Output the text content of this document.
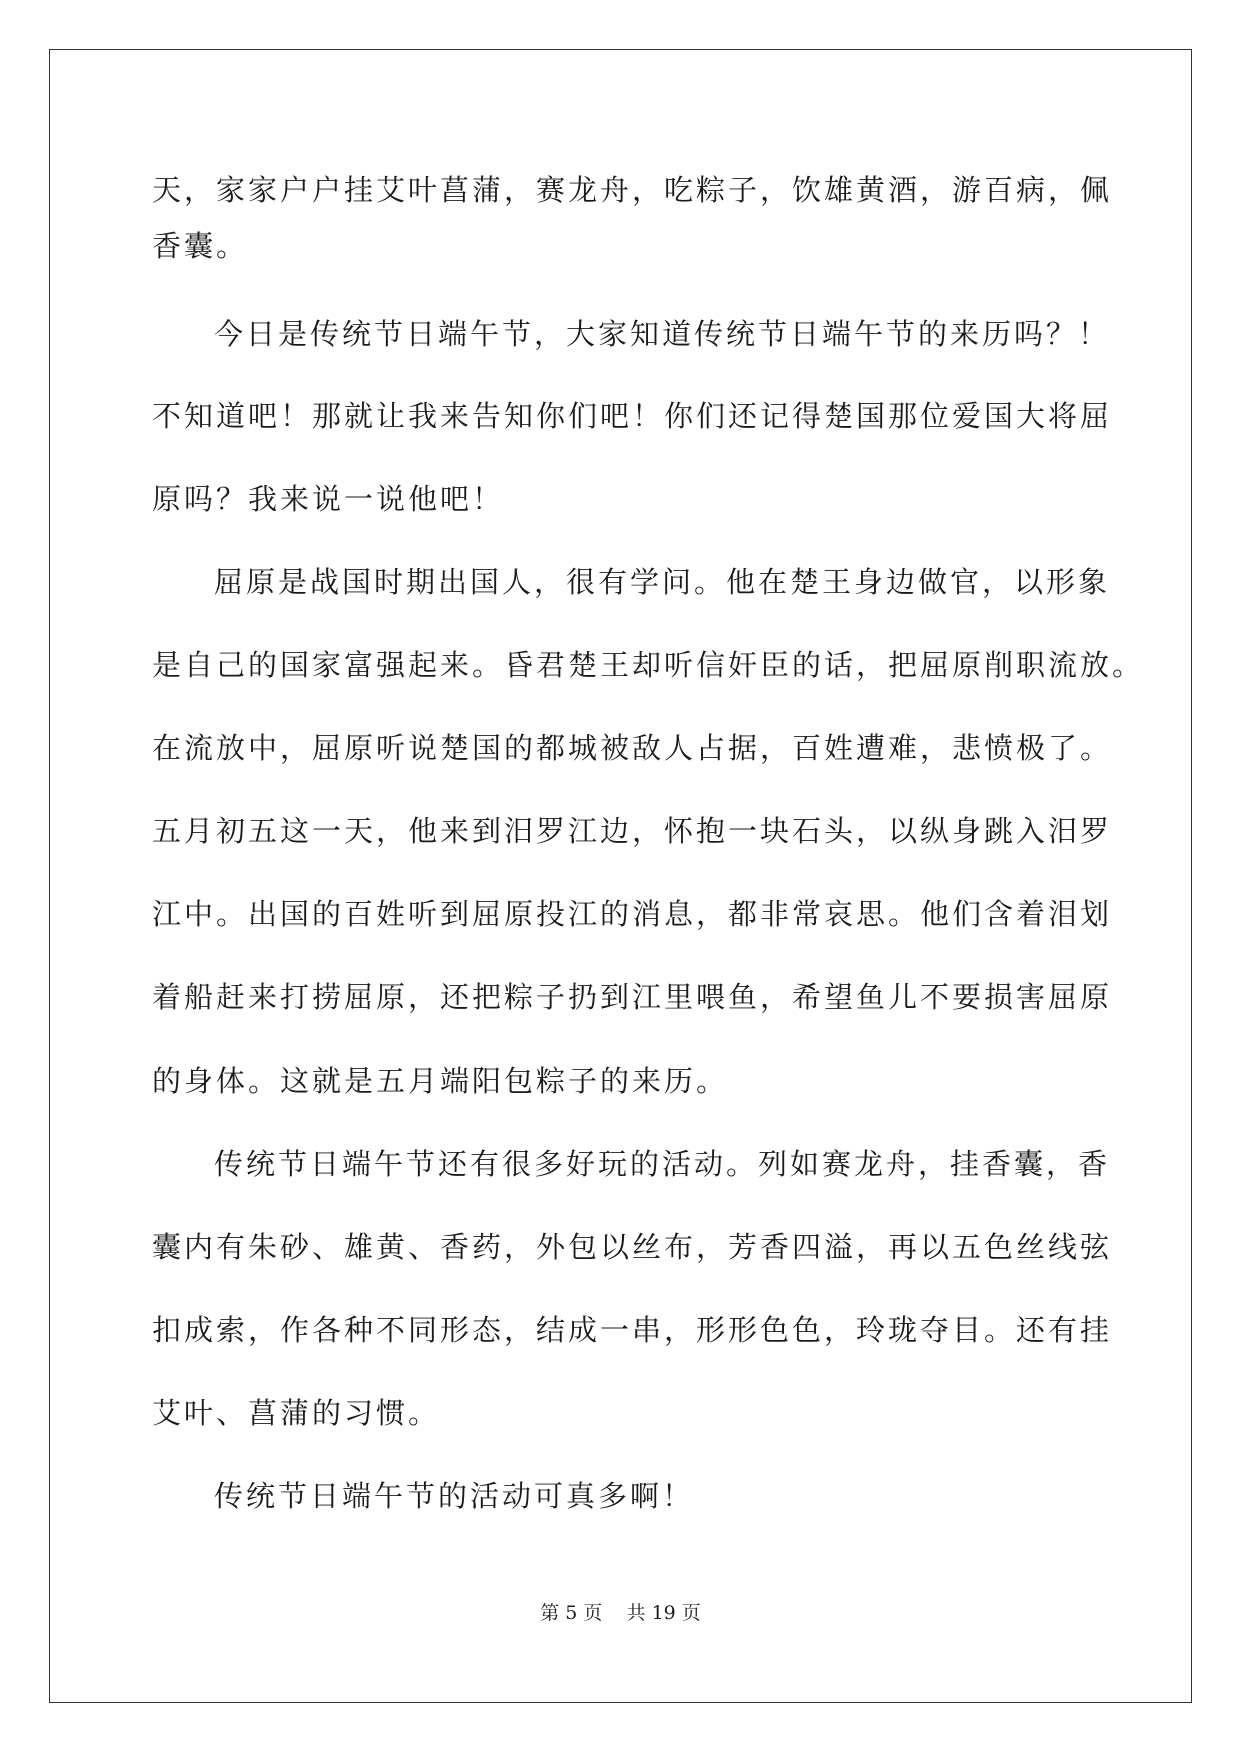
天，家家户户挂艾叶菖蒲，赛龙舟，吃粽子，饮雄黄酒，游百病，佩

香囊。

今日是传统节日端午节，大家知道传统节日端午节的来历吗？！

不知道吧！那就让我来告知你们吧！你们还记得楚国那位爱国大将屈

原吗？我来说一说他吧！

屈原是战国时期出国人，很有学问。他在楚王身边做官，以形象

是自己的国家富强起来。昏君楚王却听信奸臣的话，把屈原削职流放。

在流放中，屈原听说楚国的都城被敌人占据，百姓遭难，悲愤极了。

五月初五这一天，他来到汨罗江边，怀抱一块石头，以纵身跳入汨罗

江中。出国的百姓听到屈原投江的消息，都非常哀思。他们含着泪划

着船赶来打捞屈原，还把粽子扔到江里喂鱼，希望鱼儿不要损害屈原

的身体。这就是五月端阳包粽子的来历。

传统节日端午节还有很多好玩的活动。列如赛龙舟，挂香囊，香

囊内有朱砂、雄黄、香药，外包以丝布，芳香四溢，再以五色丝线弦

扣成索，作各种不同形态，结成一串，形形色色，玲珑夺目。还有挂

艾叶、菖蒲的习惯。

传统节日端午节的活动可真多啊！

第 5 页 共 19 页
